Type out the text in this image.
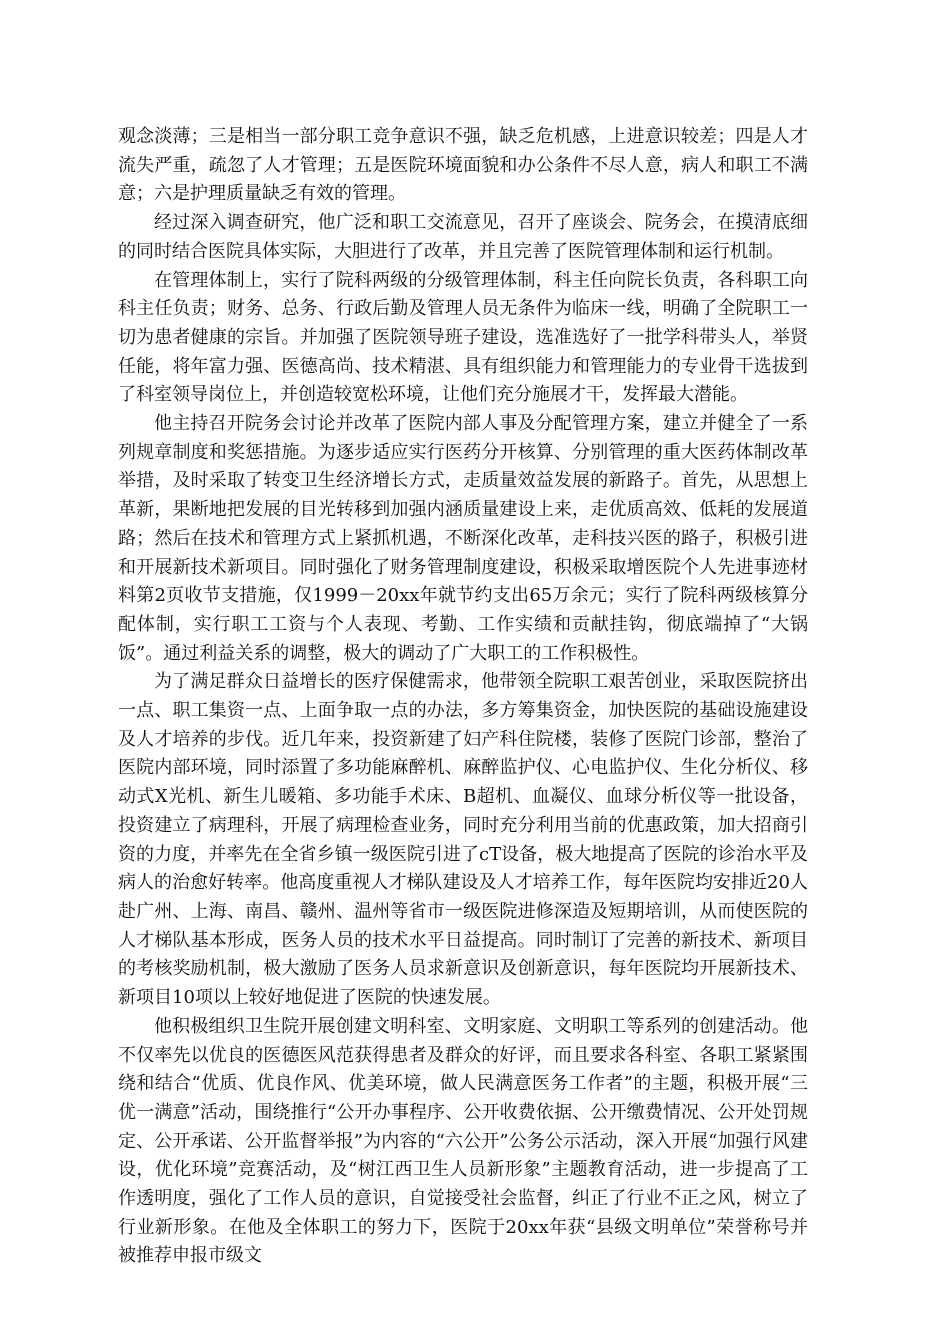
观念淡薄；三是相当一部分职工竞争意识不强，缺乏危机感，上进意识较差；四是人才流失严重，疏忽了人才管理；五是医院环境面貌和办公条件不尽人意，病人和职工不满意；六是护理质量缺乏有效的管理。

经过深入调查研究，他广泛和职工交流意见，召开了座谈会、院务会，在摸清底细的同时结合医院具体实际，大胆进行了改革，并且完善了医院管理体制和运行机制。

在管理体制上，实行了院科两级的分级管理体制，科主任向院长负责，各科职工向科主任负责；财务、总务、行政后勤及管理人员无条件为临床一线，明确了全院职工一切为患者健康的宗旨。并加强了医院领导班子建设，选准选好了一批学科带头人，举贤任能，将年富力强、医德高尚、技术精湛、具有组织能力和管理能力的专业骨干选拔到了科室领导岗位上，并创造较宽松环境，让他们充分施展才干，发挥最大潜能。

他主持召开院务会讨论并改革了医院内部人事及分配管理方案，建立并健全了一系列规章制度和奖惩措施。为逐步适应实行医药分开核算、分别管理的重大医药体制改革举措，及时采取了转变卫生经济增长方式，走质量效益发展的新路子。首先，从思想上革新，果断地把发展的目光转移到加强内涵质量建设上来，走优质高效、低耗的发展道路；然后在技术和管理方式上紧抓机遇，不断深化改革，走科技兴医的路子，积极引进和开展新技术新项目。同时强化了财务管理制度建设，积极采取增医院个人先进事迹材料第2页收节支措施，仅1999－20xx年就节约支出65万余元；实行了院科两级核算分配体制，实行职工工资与个人表现、考勤、工作实绩和贡献挂钩，彻底端掉了“大锅饭”。通过利益关系的调整，极大的调动了广大职工的工作积极性。

为了满足群众日益增长的医疗保健需求，他带领全院职工艰苦创业，采取医院挤出一点、职工集资一点、上面争取一点的办法，多方筹集资金，加快医院的基础设施建设及人才培养的步伐。近几年来，投资新建了妇产科住院楼，装修了医院门诊部，整治了医院内部环境，同时添置了多功能麻醉机、麻醉监护仪、心电监护仪、生化分析仪、移动式X光机、新生儿暖箱、多功能手术床、B超机、血凝仪、血球分析仪等一批设备，投资建立了病理科，开展了病理检查业务，同时充分利用当前的优惠政策，加大招商引资的力度，并率先在全省乡镇一级医院引进了cT设备，极大地提高了医院的诊治水平及病人的治愈好转率。他高度重视人才梯队建设及人才培养工作，每年医院均安排近20人赴广州、上海、南昌、赣州、温州等省市一级医院进修深造及短期培训，从而使医院的人才梯队基本形成，医务人员的技术水平日益提高。同时制订了完善的新技术、新项目的考核奖励机制，极大激励了医务人员求新意识及创新意识，每年医院均开展新技术、新项目10项以上较好地促进了医院的快速发展。

他积极组织卫生院开展创建文明科室、文明家庭、文明职工等系列的创建活动。他不仅率先以优良的医德医风范获得患者及群众的好评，而且要求各科室、各职工紧紧围绕和结合“优质、优良作风、优美环境，做人民满意医务工作者”的主题，积极开展“三优一满意”活动，围绕推行“公开办事程序、公开收费依据、公开缴费情况、公开处罚规定、公开承诺、公开监督举报”为内容的“六公开”公务公示活动，深入开展“加强行风建设，优化环境”竞赛活动，及“树江西卫生人员新形象”主题教育活动，进一步提高了工作透明度，强化了工作人员的意识，自觉接受社会监督，纠正了行业不正之风，树立了行业新形象。在他及全体职工的努力下，医院于20xx年获“县级文明单位”荣誉称号并被推荐申报市级文
